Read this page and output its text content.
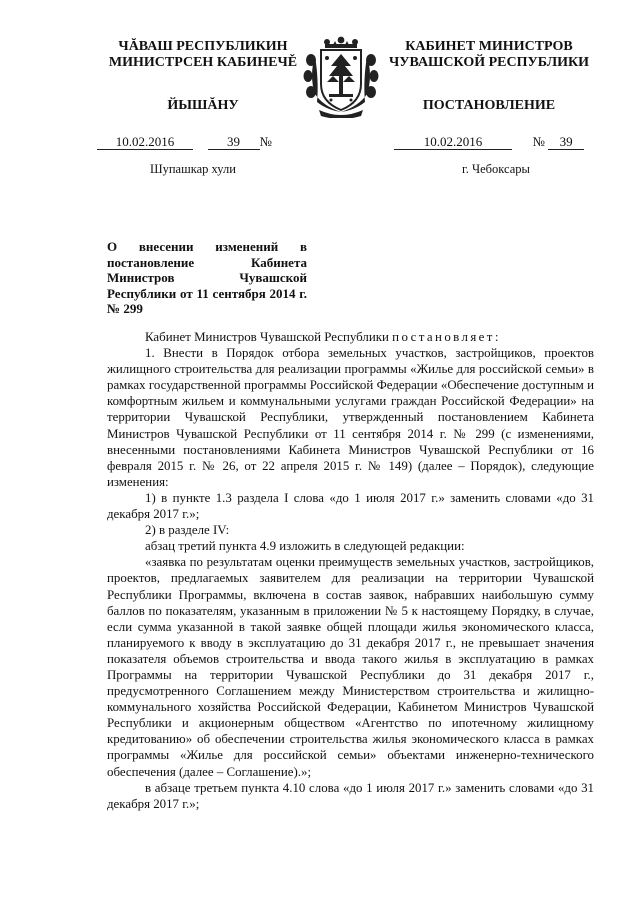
ЧĂВАШ РЕСПУБЛИКИН
МИНИСТРСЕН КАБИНЕЧĚ
ЙЫШĂНУ
КАБИНЕТ МИНИСТРОВ
ЧУВАШСКОЙ РЕСПУБЛИКИ
ПОСТАНОВЛЕНИЕ
10.02.2016	39 №	10.02.2016	№ 39
Шупашкар хули	г. Чебоксары
О внесении изменений в постановление Кабинета Министров Чувашской Республики от 11 сентября 2014 г. № 299

Кабинет Министров Чувашской Республики постановляет:

1. Внести в Порядок отбора земельных участков, застройщиков, проектов жилищного строительства для реализации программы «Жилье для российской семьи» в рамках государственной программы Российской Федерации «Обеспечение доступным и комфортным жильем и коммунальными услугами граждан Российской Федерации» на территории Чувашской Республики, утвержденный постановлением Кабинета Министров Чувашской Республики от 11 сентября 2014 г. № 299 (с изменениями, внесенными постановлениями Кабинета Министров Чувашской Республики от 16 февраля 2015 г. № 26, от 22 апреля 2015 г. № 149) (далее – Порядок), следующие изменения:

1) в пункте 1.3 раздела I слова «до 1 июля 2017 г.» заменить словами «до 31 декабря 2017 г.»;

2) в разделе IV:

абзац третий пункта 4.9 изложить в следующей редакции:

«заявка по результатам оценки преимуществ земельных участков, застройщиков, проектов, предлагаемых заявителем для реализации на территории Чувашской Республики Программы, включена в состав заявок, набравших наибольшую сумму баллов по показателям, указанным в приложении № 5 к настоящему Порядку, в случае, если сумма указанной в такой заявке общей площади жилья экономического класса, планируемого к вводу в эксплуатацию до 31 декабря 2017 г., не превышает значения показателя объемов строительства и ввода такого жилья в эксплуатацию в рамках Программы на территории Чувашской Республики до 31 декабря 2017 г., предусмотренного Соглашением между Министерством строительства и жилищно-коммунального хозяйства Российской Федерации, Кабинетом Министров Чувашской Республики и акционерным обществом «Агентство по ипотечному жилищному кредитованию» об обеспечении строительства жилья экономического класса в рамках программы «Жилье для российской семьи» объектами инженерно-технического обеспечения (далее – Соглашение).»;

в абзаце третьем пункта 4.10 слова «до 1 июля 2017 г.» заменить словами «до 31 декабря 2017 г.»;
